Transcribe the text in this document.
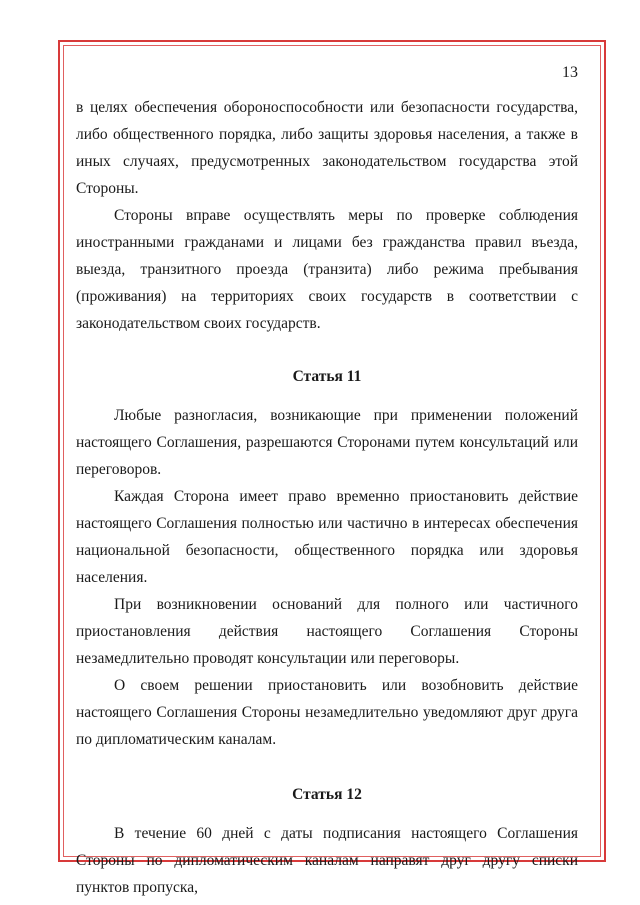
13

в целях обеспечения обороноспособности или безопасности государства, либо общественного порядка, либо защиты здоровья населения, а также в иных случаях, предусмотренных законодательством государства этой Стороны.

Стороны вправе осуществлять меры по проверке соблюдения иностранными гражданами и лицами без гражданства правил въезда, выезда, транзитного проезда (транзита) либо режима пребывания (проживания) на территориях своих государств в соответствии с законодательством своих государств.

Статья 11

Любые разногласия, возникающие при применении положений настоящего Соглашения, разрешаются Сторонами путем консультаций или переговоров.

Каждая Сторона имеет право временно приостановить действие настоящего Соглашения полностью или частично в интересах обеспечения национальной безопасности, общественного порядка или здоровья населения.

При возникновении оснований для полного или частичного приостановления действия настоящего Соглашения Стороны незамедлительно проводят консультации или переговоры.

О своем решении приостановить или возобновить действие настоящего Соглашения Стороны незамедлительно уведомляют друг друга по дипломатическим каналам.

Статья 12

В течение 60 дней с даты подписания настоящего Соглашения Стороны по дипломатическим каналам направят друг другу списки пунктов пропуска,
